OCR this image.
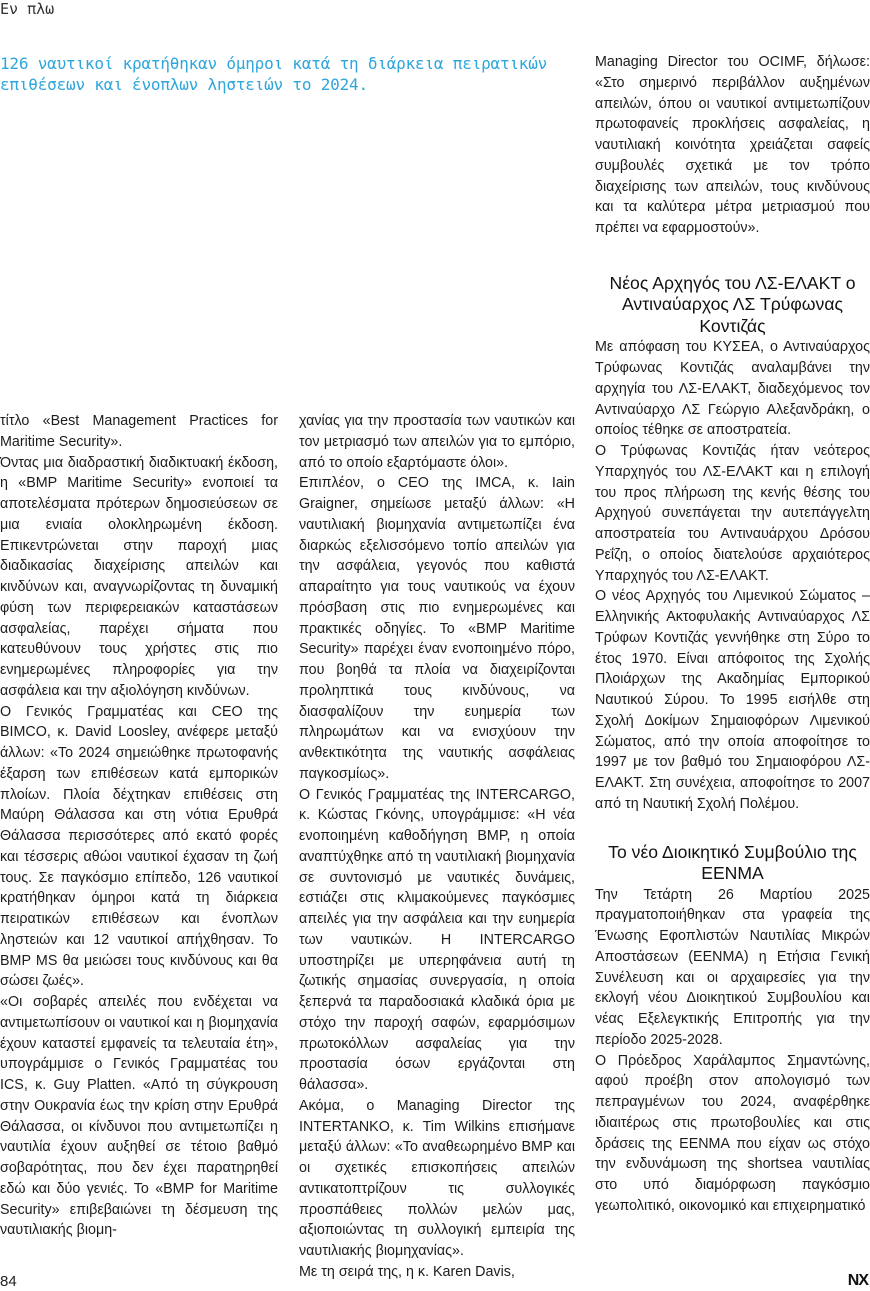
Εν πλω

126 ναυτικοί κρατήθηκαν όμηροι κατά τη διάρκεια πειρατικών επιθέσεων και ένοπλων ληστειών το 2024.

τίτλο «Best Management Practices for Maritime Security».

Όντας μια διαδραστική διαδικτυακή έκδοση, η «BMP Maritime Security» ενοποιεί τα αποτελέσματα πρότερων δημοσιεύσεων σε μια ενιαία ολοκληρωμένη έκδοση. Επικεντρώνεται στην παροχή μιας διαδικασίας διαχείρισης απειλών και κινδύνων και, αναγνωρίζοντας τη δυναμική φύση των περιφερειακών καταστάσεων ασφαλείας, παρέχει σήματα που κατευθύνουν τους χρήστες στις πιο ενημερωμένες πληροφορίες για την ασφάλεια και την αξιολόγηση κινδύνων.

Ο Γενικός Γραμματέας και CEO της BIMCO, κ. David Loosley, ανέφερε μεταξύ άλλων: «Το 2024 σημειώθηκε πρωτοφανής έξαρση των επιθέσεων κατά εμπορικών πλοίων. Πλοία δέχτηκαν επιθέσεις στη Μαύρη Θάλασσα και στη νότια Ερυθρά Θάλασσα περισσότερες από εκατό φορές και τέσσερις αθώοι ναυτικοί έχασαν τη ζωή τους. Σε παγκόσμιο επίπεδο, 126 ναυτικοί κρατήθηκαν όμηροι κατά τη διάρκεια πειρατικών επιθέσεων και ένοπλων ληστειών και 12 ναυτικοί απήχθησαν. Το BMP MS θα μειώσει τους κινδύνους και θα σώσει ζωές».

«Οι σοβαρές απειλές που ενδέχεται να αντιμετωπίσουν οι ναυτικοί και η βιομηχανία έχουν καταστεί εμφανείς τα τελευταία έτη», υπογράμμισε ο Γενικός Γραμματέας του ICS, κ. Guy Platten. «Από τη σύγκρουση στην Ουκρανία έως την κρίση στην Ερυθρά Θάλασσα, οι κίνδυνοι που αντιμετωπίζει η ναυτιλία έχουν αυξηθεί σε τέτοιο βαθμό σοβαρότητας, που δεν έχει παρατηρηθεί εδώ και δύο γενιές. Το «BMP for Maritime Security» επιβεβαιώνει τη δέσμευση της ναυτιλιακής βιομη-

χανίας για την προστασία των ναυτικών και τον μετριασμό των απειλών για το εμπόριο, από το οποίο εξαρτόμαστε όλοι».

Επιπλέον, ο CEO της IMCA, κ. Iain Graigner, σημείωσε μεταξύ άλλων: «Η ναυτιλιακή βιομηχανία αντιμετωπίζει ένα διαρκώς εξελισσόμενο τοπίο απειλών για την ασφάλεια, γεγονός που καθιστά απαραίτητο για τους ναυτικούς να έχουν πρόσβαση στις πιο ενημερωμένες και πρακτικές οδηγίες. Το «BMP Maritime Security» παρέχει έναν ενοποιημένο πόρο, που βοηθά τα πλοία να διαχειρίζονται προληπτικά τους κινδύνους, να διασφαλίζουν την ευημερία των πληρωμάτων και να ενισχύουν την ανθεκτικότητα της ναυτικής ασφάλειας παγκοσμίως».

Ο Γενικός Γραμματέας της INTERCARGO, κ. Κώστας Γκόνης, υπογράμμισε: «Η νέα ενοποιημένη καθοδήγηση BMP, η οποία αναπτύχθηκε από τη ναυτιλιακή βιομηχανία σε συντονισμό με ναυτικές δυνάμεις, εστιάζει στις κλιμακούμενες παγκόσμιες απειλές για την ασφάλεια και την ευημερία των ναυτικών. Η INTERCARGO υποστηρίζει με υπερηφάνεια αυτή τη ζωτικής σημασίας συνεργασία, η οποία ξεπερνά τα παραδοσιακά κλαδικά όρια με στόχο την παροχή σαφών, εφαρμόσιμων πρωτοκόλλων ασφαλείας για την προστασία όσων εργάζονται στη θάλασσα».

Ακόμα, ο Managing Director της INTERTANKO, κ. Tim Wilkins επισήμανε μεταξύ άλλων: «Το αναθεωρημένο BMP και οι σχετικές επισκοπήσεις απειλών αντικατοπτρίζουν τις συλλογικές προσπάθειες πολλών μελών μας, αξιοποιώντας τη συλλογική εμπειρία της ναυτιλιακής βιομηχανίας».

Με τη σειρά της, η κ. Karen Davis,

Managing Director του OCIMF, δήλωσε: «Στο σημερινό περιβάλλον αυξημένων απειλών, όπου οι ναυτικοί αντιμετωπίζουν πρωτοφανείς προκλήσεις ασφαλείας, η ναυτιλιακή κοινότητα χρειάζεται σαφείς συμβουλές σχετικά με τον τρόπο διαχείρισης των απειλών, τους κινδύνους και τα καλύτερα μέτρα μετριασμού που πρέπει να εφαρμοστούν».

Νέος Αρχηγός του ΛΣ-ΕΛΑΚΤ ο Αντιναύαρχος ΛΣ Τρύφωνας Κοντιζάς

Με απόφαση του ΚΥΣΕΑ, ο Αντιναύαρχος Τρύφωνας Κοντιζάς αναλαμβάνει την αρχηγία του ΛΣ-ΕΛΑΚΤ, διαδεχόμενος τον Αντιναύαρχο ΛΣ Γεώργιο Αλεξανδράκη, ο οποίος τέθηκε σε αποστρατεία.

Ο Τρύφωνας Κοντιζάς ήταν νεότερος Υπαρχηγός του ΛΣ-ΕΛΑΚΤ και η επιλογή του προς πλήρωση της κενής θέσης του Αρχηγού συνεπάγεται την αυτεπάγγελτη αποστρατεία του Αντιναυάρχου Δρόσου Ρεΐζη, ο οποίος διατελούσε αρχαιότερος Υπαρχηγός του ΛΣ-ΕΛΑΚΤ.

Ο νέος Αρχηγός του Λιμενικού Σώματος – Ελληνικής Ακτοφυλακής Αντιναύαρχος ΛΣ Τρύφων Κοντιζάς γεννήθηκε στη Σύρο το έτος 1970. Είναι απόφοιτος της Σχολής Πλοιάρχων της Ακαδημίας Εμπορικού Ναυτικού Σύρου. Το 1995 εισήλθε στη Σχολή Δοκίμων Σημαιοφόρων Λιμενικού Σώματος, από την οποία αποφοίτησε το 1997 με τον βαθμό του Σημαιοφόρου ΛΣ-ΕΛΑΚΤ. Στη συνέχεια, αποφοίτησε το 2007 από τη Ναυτική Σχολή Πολέμου.

Το νέο Διοικητικό Συμβούλιο της ΕΕΝΜΑ

Την Τετάρτη 26 Μαρτίου 2025 πραγματοποιήθηκαν στα γραφεία της Ένωσης Εφοπλιστών Ναυτιλίας Μικρών Αποστάσεων (ΕΕΝΜΑ) η Ετήσια Γενική Συνέλευση και οι αρχαιρεσίες για την εκλογή νέου Διοικητικού Συμβουλίου και νέας Εξελεγκτικής Επιτροπής για την περίοδο 2025-2028.

Ο Πρόεδρος Χαράλαμπος Σημαντώνης, αφού προέβη στον απολογισμό των πεπραγμένων του 2024, αναφέρθηκε ιδιαιτέρως στις πρωτοβουλίες και στις δράσεις της ΕΕΝΜΑ που είχαν ως στόχο την ενδυνάμωση της shortsea ναυτιλίας στο υπό διαμόρφωση παγκόσμιο γεωπολιτικό, οικονομικό και επιχειρηματικό

84	NX
